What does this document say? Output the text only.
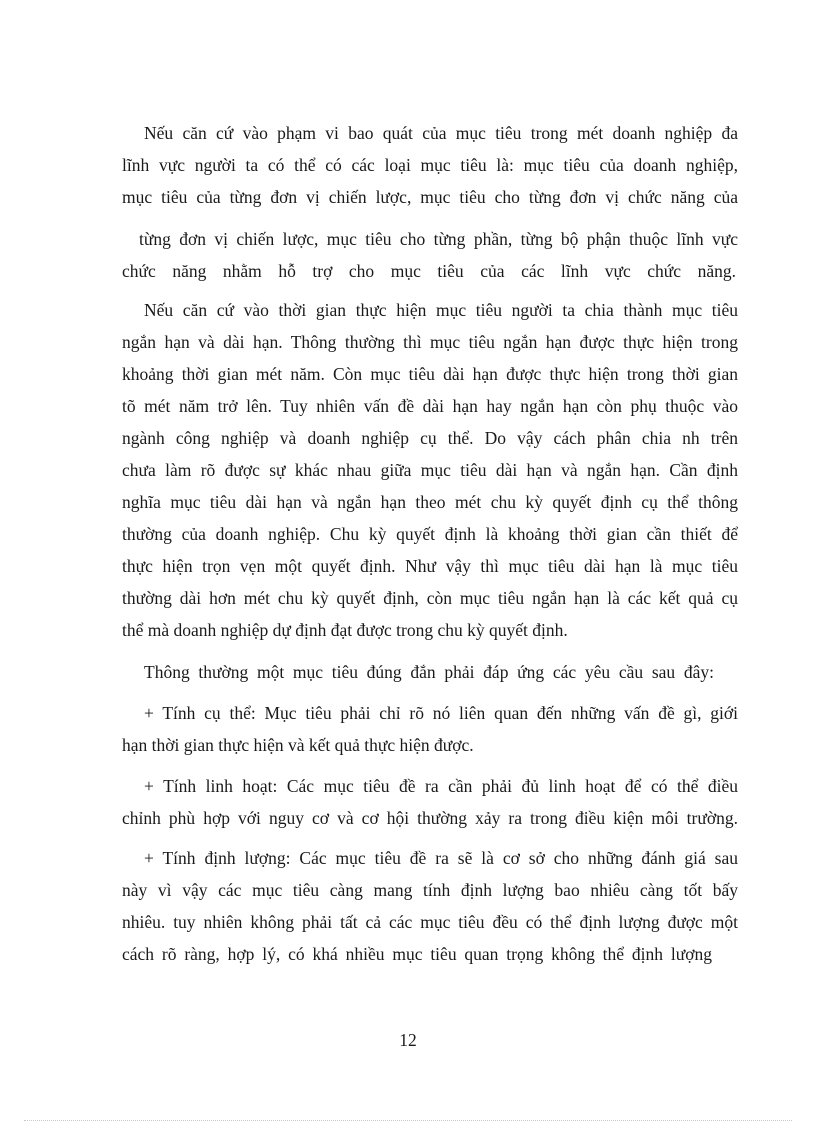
Nếu căn cứ vào phạm vi bao quát của mục tiêu trong mét doanh nghiệp đa
lĩnh vực người ta có thể có các loại mục tiêu là: mục tiêu của doanh nghiệp,
mục tiêu của từng đơn vị chiến lược, mục tiêu cho từng đơn vị chức năng của
từng đơn vị chiến lược, mục tiêu cho từng phần, từng bộ phận thuộc lĩnh vực
chức năng nhằm hỗ trợ cho mục tiêu của các lĩnh vực chức năng.
Nếu căn cứ vào thời gian thực hiện mục tiêu người ta chia thành mục tiêu
ngắn hạn và dài hạn. Thông thường thì mục tiêu ngắn hạn được thực hiện trong
khoảng thời gian mét năm. Còn mục tiêu dài hạn được thực hiện trong thời gian
tõ mét năm trở lên. Tuy nhiên vấn đề dài hạn hay ngắn hạn còn phụ thuộc vào
ngành công nghiệp và doanh nghiệp cụ thể. Do vậy cách phân chia nh trên
chưa làm rõ được sự khác nhau giữa mục tiêu dài hạn và ngắn hạn. Cần định
nghĩa mục tiêu dài hạn và ngắn hạn theo mét chu kỳ quyết định cụ thể thông
thường của doanh nghiệp. Chu kỳ quyết định là khoảng thời gian cần thiết để
thực hiện trọn vẹn một quyết định. Như vậy thì mục tiêu dài hạn là mục tiêu
thường dài hơn mét chu kỳ quyết định, còn mục tiêu ngắn hạn là các kết quả cụ
thể mà doanh nghiệp dự định đạt được trong chu kỳ quyết định.
Thông thường một mục tiêu đúng đắn phải đáp ứng các yêu cầu sau đây:
+ Tính cụ thể: Mục tiêu phải chỉ rõ nó liên quan đến những vấn đề gì, giới
hạn thời gian thực hiện và kết quả thực hiện được.
+ Tính linh hoạt: Các mục tiêu đề ra cần phải đủ linh hoạt để có thể điều
chỉnh phù hợp với nguy cơ và cơ hội thường xảy ra trong điều kiện môi trường.
+ Tính định lượng: Các mục tiêu đề ra sẽ là cơ sở cho những đánh giá sau
này vì vậy các mục tiêu càng mang tính định lượng bao nhiêu càng tốt bấy
nhiêu. tuy nhiên không phải tất cả các mục tiêu đều có thể định lượng được một
cách rõ ràng, hợp lý, có khá nhiều mục tiêu quan trọng không thể định lượng
12
